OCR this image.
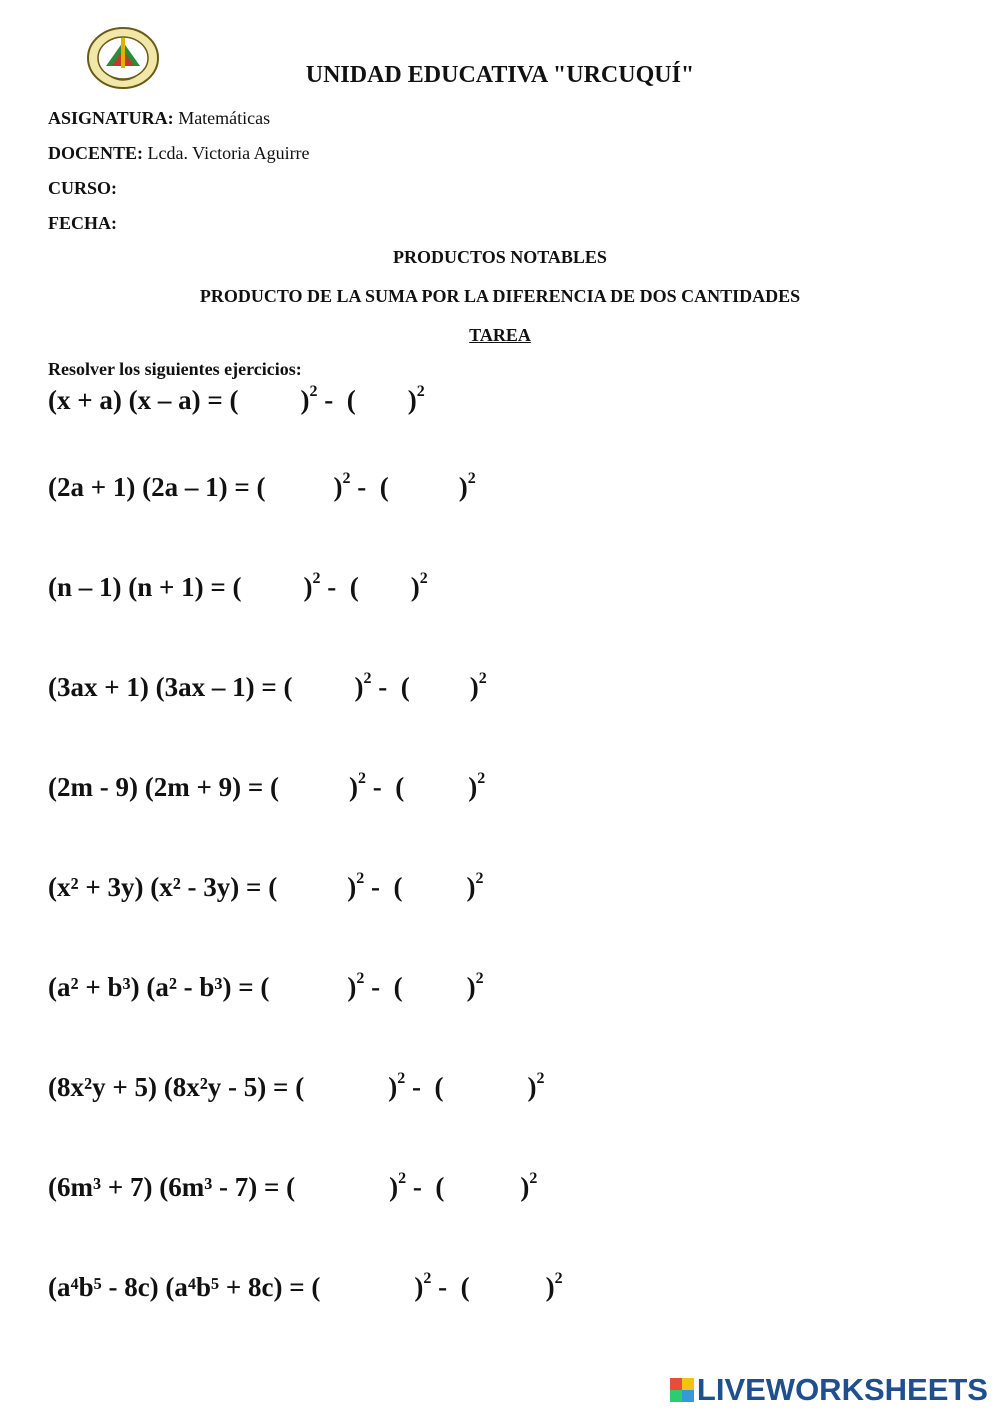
UNIDAD EDUCATIVA "URCUQUÍ"
ASIGNATURA: Matemáticas
DOCENTE: Lcda. Victoria Aguirre
CURSO:
FECHA:
PRODUCTOS NOTABLES
PRODUCTO DE LA SUMA POR LA DIFERENCIA DE DOS CANTIDADES
TAREA
Resolver los siguientes ejercicios:
(x + a) (x – a) = ( )$^2$ - ( )$^2$
(2a + 1) (2a – 1) = (	)$^2$ - (	)$^2$
(n – 1) (n + 1) = ( )$^2$ - ( )$^2$
(3ax + 1) (3ax – 1) = ( )$^2$ - ( )$^2$
(2m - 9) (2m + 9) = (	)$^2$ - ( )$^2$
(x² + 3y) (x² - 3y) = (	)$^2$ - ( )$^2$
(a² + b³) (a² - b³) = (	)$^2$ - ( )$^2$
(8x²y + 5) (8x²y - 5) = (	)$^2$ - (	)$^2$
(6m³ + 7) (6m³ - 7) = (	)$^2$ - (	)$^2$
(a⁴b⁵ - 8c) (a⁴b⁵ + 8c) = (	)$^2$ - (	)$^2$
LIVEWORKSHEETS
